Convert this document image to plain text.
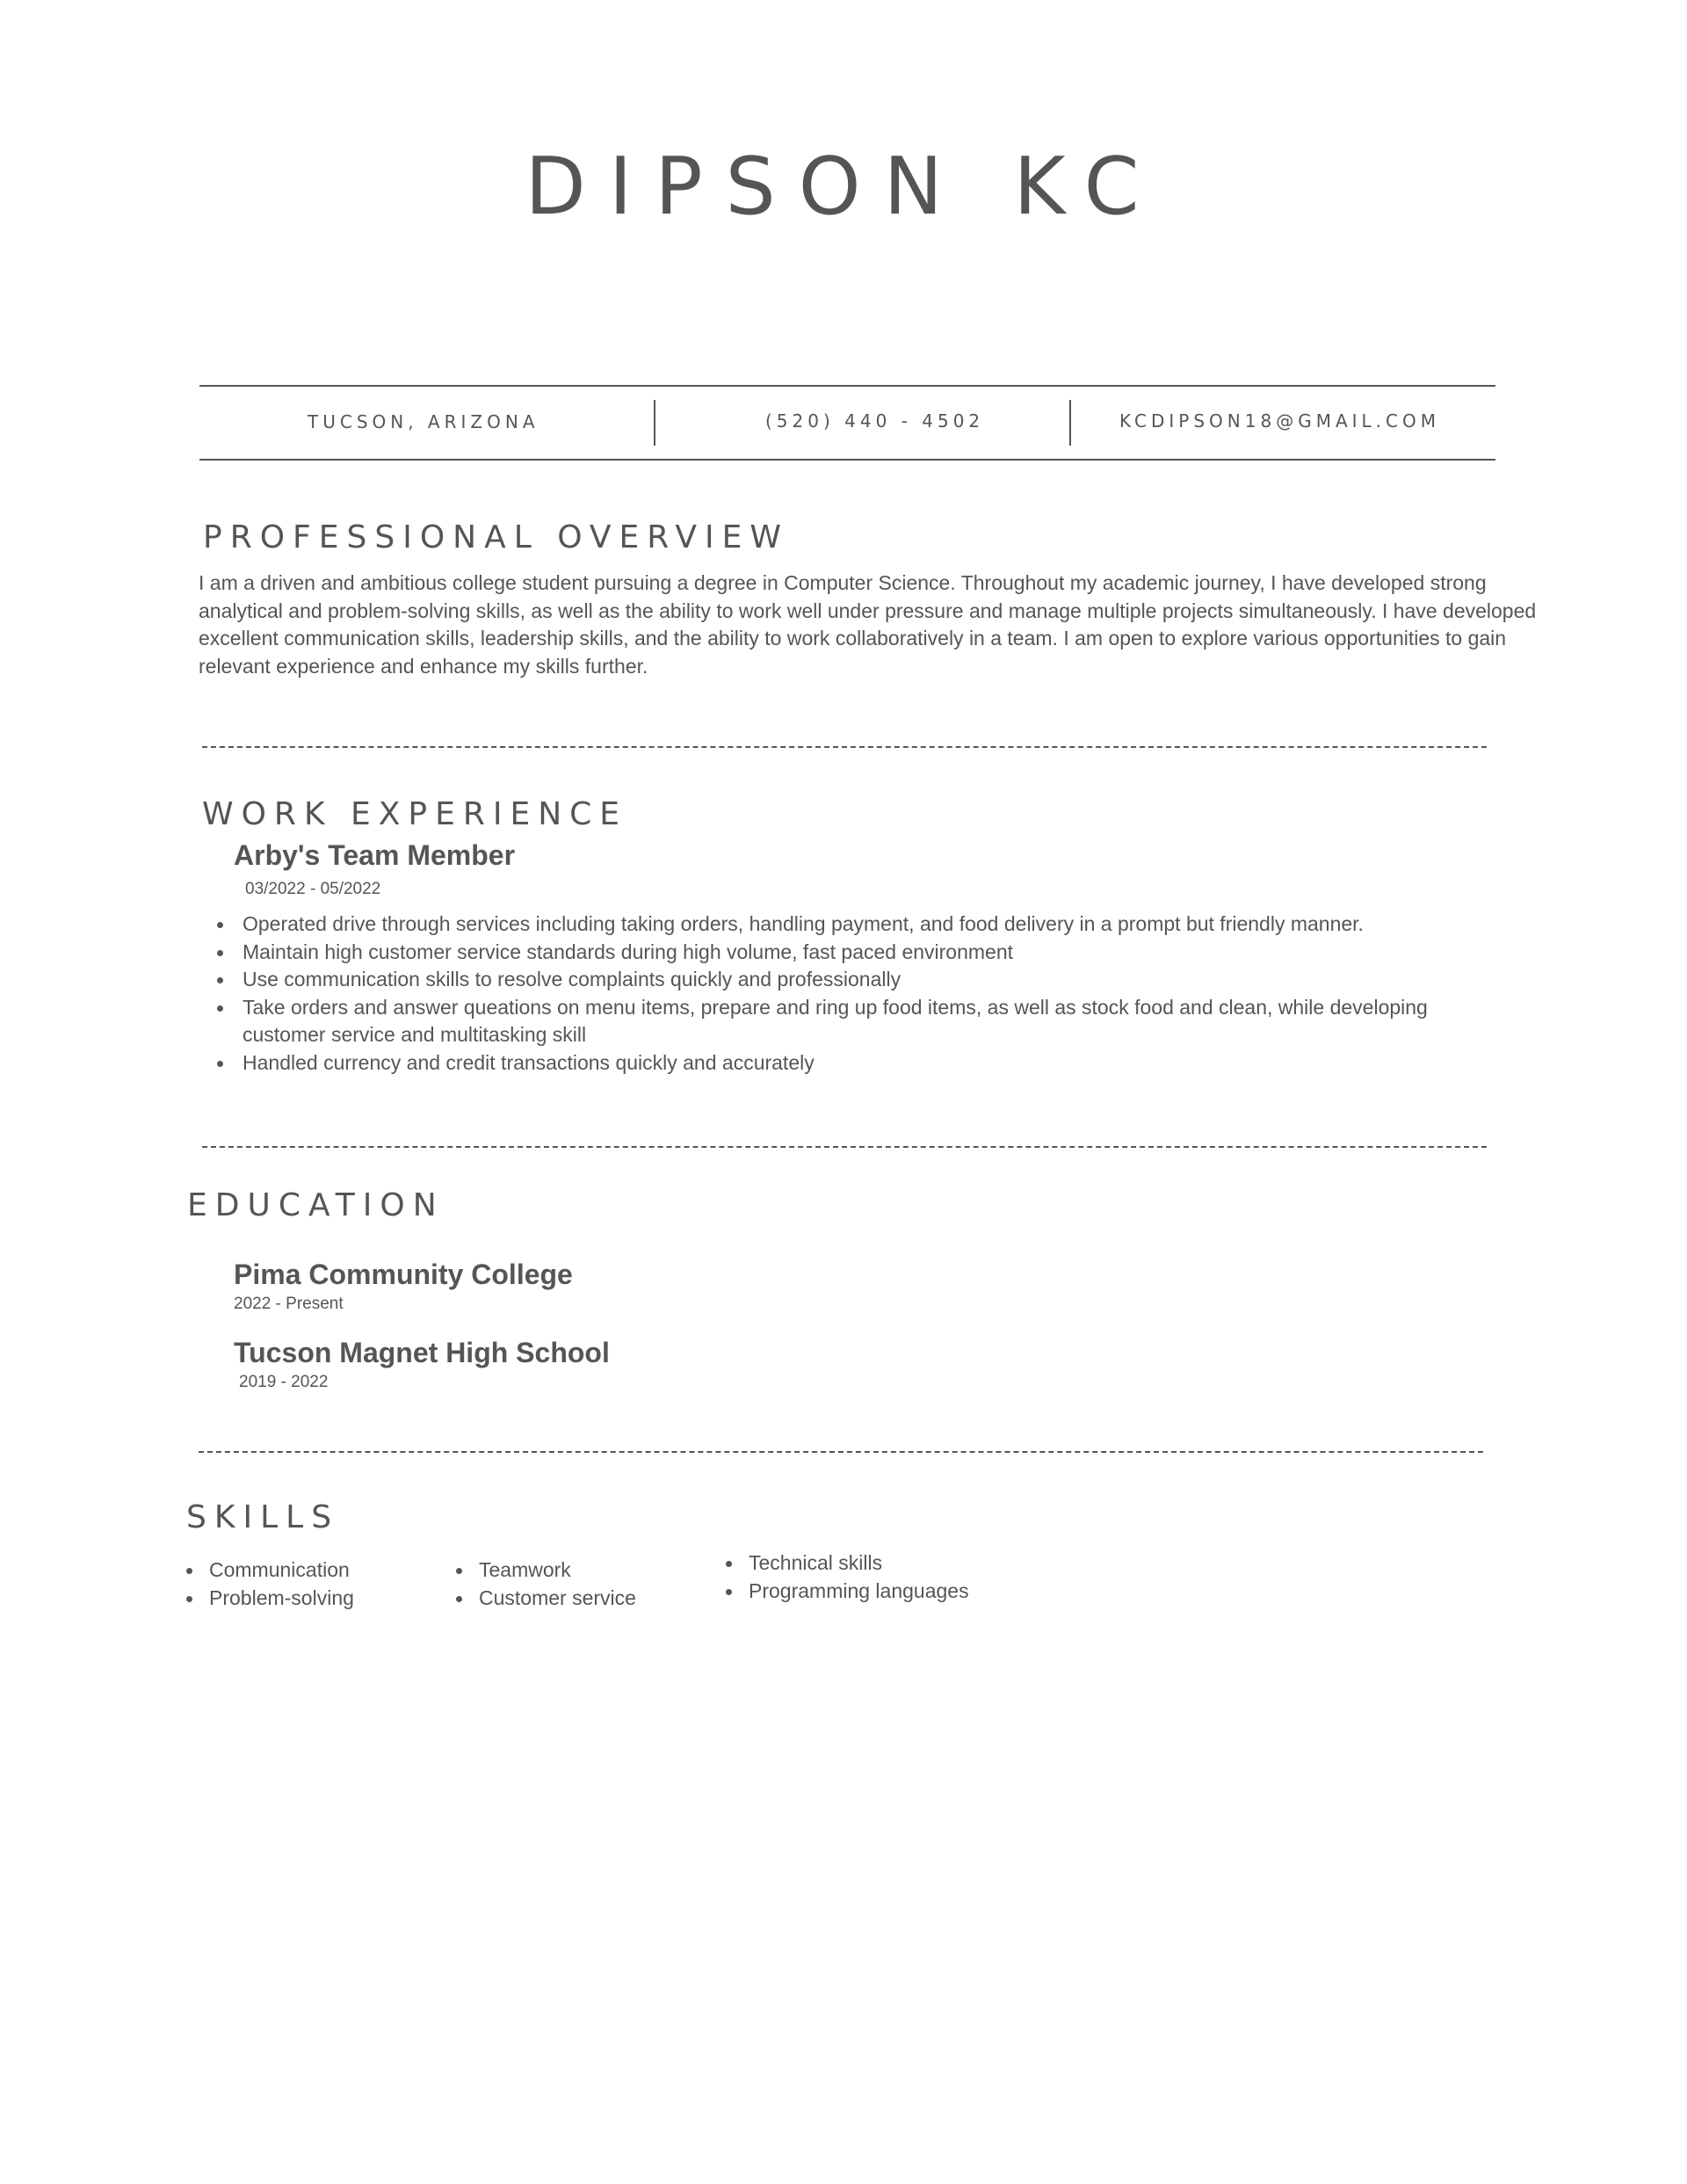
DIPSON KC
TUCSON, ARIZONA	(520) 440 - 4502	KCDIPSON18@GMAIL.COM
PROFESSIONAL OVERVIEW
I am a driven and ambitious college student pursuing a degree in Computer Science. Throughout my academic journey, I have developed strong analytical and problem-solving skills, as well as the ability to work well under pressure and manage multiple projects simultaneously. I have developed excellent communication skills, leadership skills, and the ability to work collaboratively in a team. I am open to explore various opportunities to gain relevant experience and enhance my skills further.
WORK EXPERIENCE
Arby's Team Member
03/2022 - 05/2022
Operated drive through services including taking orders, handling payment, and food delivery in a prompt but friendly manner.
Maintain high customer service standards during high volume, fast paced environment
Use communication skills to resolve complaints quickly and professionally
Take orders and answer queations on menu items, prepare and ring up food items, as well as stock food and clean, while developing customer service and multitasking skill
Handled currency and credit transactions quickly and accurately
EDUCATION
Pima Community College
2022 - Present
Tucson Magnet High School
2019 - 2022
SKILLS
Communication
Problem-solving
Teamwork
Customer service
Technical skills
Programming languages
